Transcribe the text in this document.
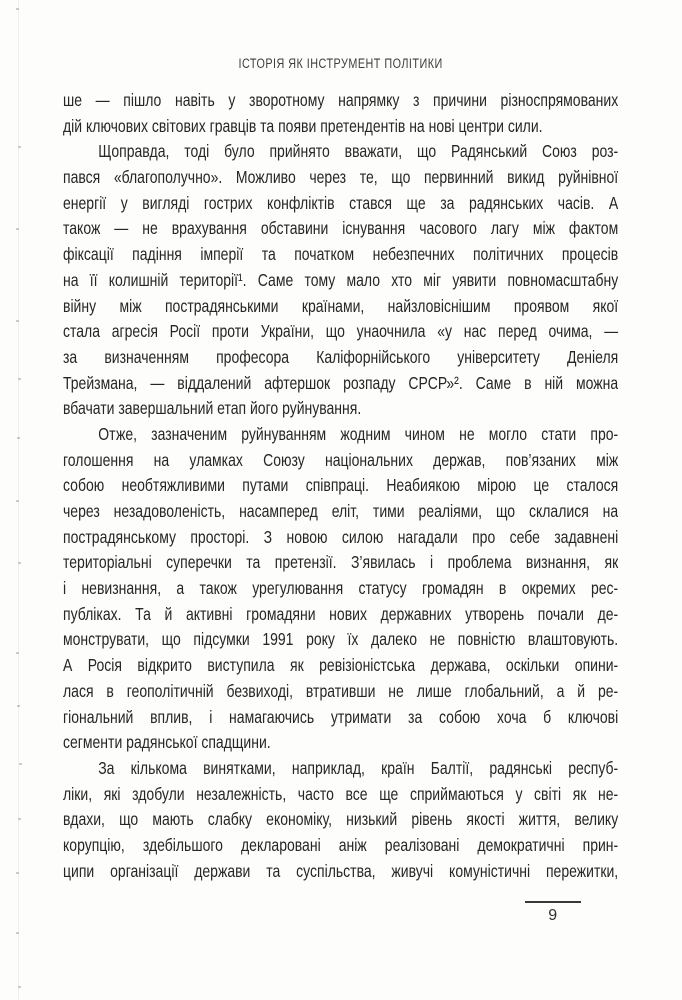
ІСТОРІЯ ЯК ІНСТРУМЕНТ ПОЛІТИКИ
ше — пішло навіть у зворотному напрямку з причини різноспрямованих
дій ключових світових гравців та появи претендентів на нові центри сили.
Щоправда, тоді було прийнято вважати, що Радянський Союз роз-
пався «благополучно». Можливо через те, що первинний викид руйнівної
енергії у вигляді гострих конфліктів стався ще за радянських часів. А
також — не врахування обставини існування часового лагу між фактом
фіксації падіння імперії та початком небезпечних політичних процесів
на її колишній території¹. Саме тому мало хто міг уявити повномасштабну
війну між пострадянськими країнами, найзловіснішим проявом якої
стала агресія Росії проти України, що унаочнила «у нас перед очима, —
за визначенням професора Каліфорнійського університету Деніеля
Трейзмана, — віддалений афтершок розпаду СРСР»². Саме в ній можна
вбачати завершальний етап його руйнування.
Отже, зазначеним руйнуванням жодним чином не могло стати про-
голошення на уламках Союзу національних держав, пов’язаних між
собою необтяжливими путами співпраці. Неабиякою мірою це сталося
через незадоволеність, насамперед еліт, тими реаліями, що склалися на
пострадянському просторі. З новою силою нагадали про себе задавнені
територіальні суперечки та претензії. З’явилась і проблема визнання, як
і невизнання, а також урегулювання статусу громадян в окремих рес-
публіках. Та й активні громадяни нових державних утворень почали де-
монструвати, що підсумки 1991 року їх далеко не повністю влаштовують.
А Росія відкрито виступила як ревізіоністська держава, оскільки опини-
лася в геополітичній безвиході, втративши не лише глобальний, а й ре-
гіональний вплив, і намагаючись утримати за собою хоча б ключові
сегменти радянської спадщини.
За кількома винятками, наприклад, країн Балтії, радянські респуб-
ліки, які здобули незалежність, часто все ще сприймаються у світі як не-
вдахи, що мають слабку економіку, низький рівень якості життя, велику
корупцію, здебільшого декларовані аніж реалізовані демократичні прин-
ципи організації держави та суспільства, живучі комуністичні пережитки,
9
